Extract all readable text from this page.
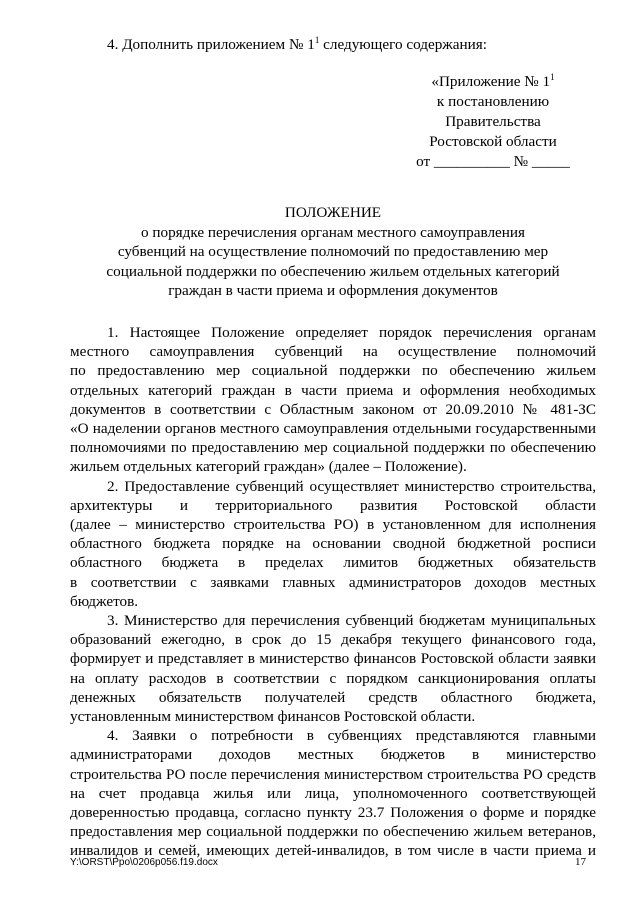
4. Дополнить приложением № $1^1$ следующего содержания:
«Приложение № $1^1$
к постановлению
Правительства
Ростовской области
от __________ № _____
ПОЛОЖЕНИЕ
о порядке перечисления органам местного самоуправления
субвенций на осуществление полномочий по предоставлению мер
социальной поддержки по обеспечению жильем отдельных категорий
граждан в части приема и оформления документов

1. Настоящее Положение определяет порядок перечисления органам
местного самоуправления субвенций на осуществление полномочий
по предоставлению мер социальной поддержки по обеспечению жильем
отдельных категорий граждан в части приема и оформления необходимых
документов в соответствии с Областным законом от 20.09.2010 № 481-ЗС
«О наделении органов местного самоуправления отдельными государственными
полномочиями по предоставлению мер социальной поддержки по обеспечению
жильем отдельных категорий граждан» (далее – Положение).

2. Предоставление субвенций осуществляет министерство строительства,
архитектуры и территориального развития Ростовской области
(далее – министерство строительства РО) в установленном для исполнения
областного бюджета порядке на основании сводной бюджетной росписи
областного бюджета в пределах лимитов бюджетных обязательств
в соответствии с заявками главных администраторов доходов местных
бюджетов.

3. Министерство для перечисления субвенций бюджетам муниципальных
образований ежегодно, в срок до 15 декабря текущего финансового года,
формирует и представляет в министерство финансов Ростовской области заявки
на оплату расходов в соответствии с порядком санкционирования оплаты
денежных обязательств получателей средств областного бюджета,
установленным министерством финансов Ростовской области.

4. Заявки о потребности в субвенциях представляются главными
администраторами доходов местных бюджетов в министерство
строительства РО после перечисления министерством строительства РО средств
на счет продавца жилья или лица, уполномоченного соответствующей
доверенностью продавца, согласно пункту 23.7 Положения о форме и порядке
предоставления мер социальной поддержки по обеспечению жильем ветеранов,
инвалидов и семей, имеющих детей-инвалидов, в том числе в части приема и

Y:\ORST\Ppo\0206p056.f19.docx	17
